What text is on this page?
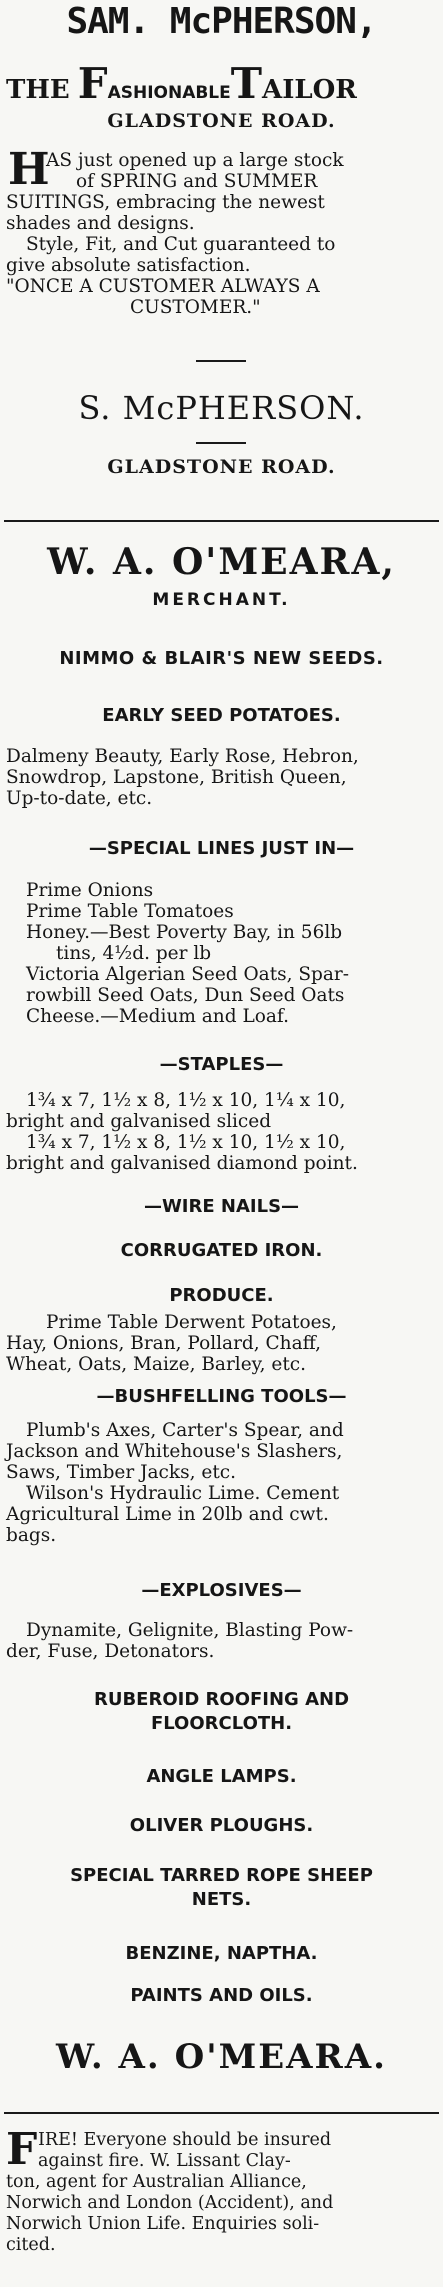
SAM. McPHERSON,
THE FASHIONABLETAILOR
GLADSTONE ROAD.
H
AS just opened up a large stock
of SPRING and SUMMER
SUITINGS, embracing the newest
shades and designs.
Style, Fit, and Cut guaranteed to
give absolute satisfaction.
"ONCE A CUSTOMER ALWAYS A
CUSTOMER."
S. McPHERSON.
GLADSTONE ROAD.
W. A. O'MEARA,
MERCHANT.
NIMMO & BLAIR'S NEW SEEDS.
EARLY SEED POTATOES.
Dalmeny Beauty, Early Rose, Hebron,
Snowdrop, Lapstone, British Queen,
Up-to-date, etc.
—SPECIAL LINES JUST IN—
Prime Onions
Prime Table Tomatoes
Honey.—Best Poverty Bay, in 56lb
tins, 4½d. per lb
Victoria Algerian Seed Oats, Spar-
rowbill Seed Oats, Dun Seed Oats
Cheese.—Medium and Loaf.
—STAPLES—
1¾ x 7, 1½ x 8, 1½ x 10, 1¼ x 10,
bright and galvanised sliced
1¾ x 7, 1½ x 8, 1½ x 10, 1½ x 10,
bright and galvanised diamond point.
—WIRE NAILS—
CORRUGATED IRON.
PRODUCE.
Prime Table Derwent Potatoes,
Hay, Onions, Bran, Pollard, Chaff,
Wheat, Oats, Maize, Barley, etc.
—BUSHFELLING TOOLS—
Plumb's Axes, Carter's Spear, and
Jackson and Whitehouse's Slashers,
Saws, Timber Jacks, etc.
Wilson's Hydraulic Lime. Cement
Agricultural Lime in 20lb and cwt.
bags.
—EXPLOSIVES—
Dynamite, Gelignite, Blasting Pow-
der, Fuse, Detonators.
RUBEROID ROOFING AND
FLOORCLOTH.
ANGLE LAMPS.
OLIVER PLOUGHS.
SPECIAL TARRED ROPE SHEEP
NETS.
BENZINE, NAPTHA.
PAINTS AND OILS.
W. A. O'MEARA.
F IRE! Everyone should be insured
against fire. W. Lissant Clay-
ton, agent for Australian Alliance,
Norwich and London (Accident), and
Norwich Union Life. Enquiries soli-
cited.
